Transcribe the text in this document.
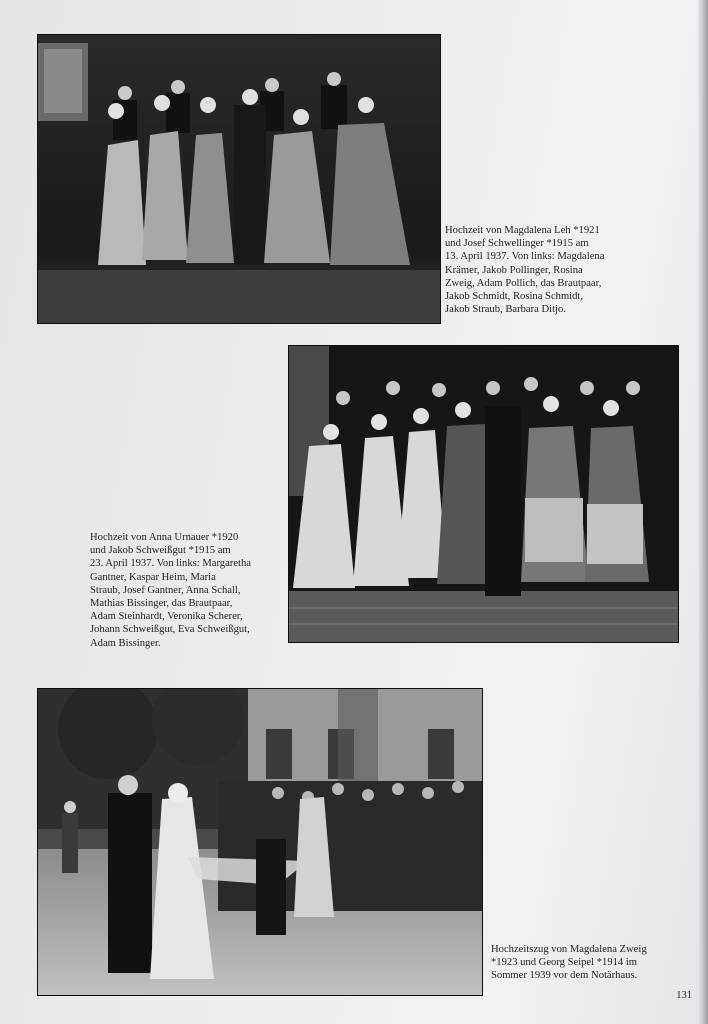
Hochzeit von Magdalena Leh *1921
und Josef Schwellinger *1915 am
13. April 1937. Von links: Magdalena
Krämer, Jakob Pollinger, Rosina
Zweig, Adam Pollich, das Brautpaar,
Jakob Schmidt, Rosina Schmidt,
Jakob Straub, Barbara Ditjo.
Hochzeit von Anna Urnauer *1920
und Jakob Schweißgut *1915 am
23. April 1937. Von links: Margaretha
Gantner, Kaspar Heim, Maria
Straub, Josef Gantner, Anna Schall,
Mathias Bissinger, das Brautpaar,
Adam Steinhardt, Veronika Scherer,
Johann Schweißgut, Eva Schweißgut,
Adam Bissinger.
Hochzeitszug von Magdalena Zweig
*1923 und Georg Seipel *1914 im
Sommer 1939 vor dem Notärhaus.
131
